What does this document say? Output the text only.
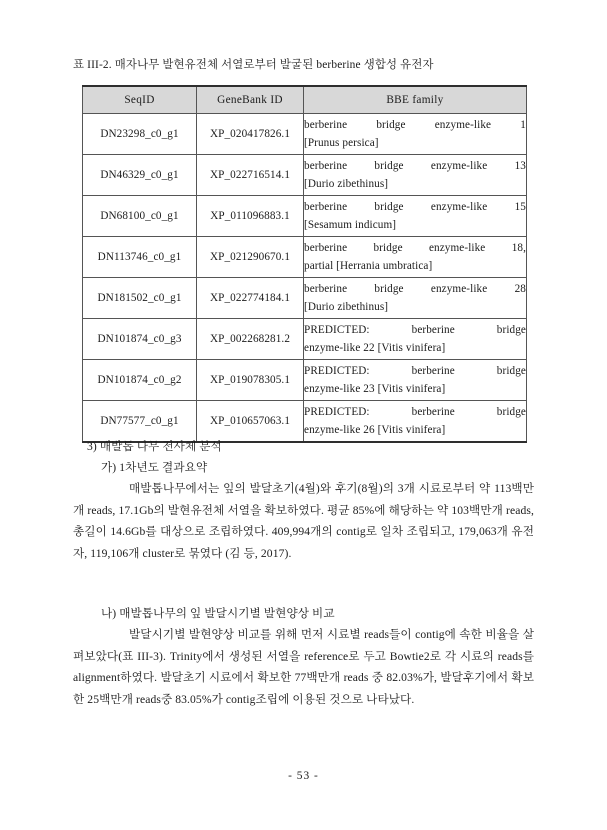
표 III-2. 매자나무 발현유전체 서열로부터 발굴된 berberine 생합성 유전자
SeqID	GeneBank ID	BBE family
DN23298_c0_g1	XP_020417826.1	berberine bridge enzyme-like 1
[Prunus persica]

DN46329_c0_g1	XP_022716514.1	berberine bridge enzyme-like 13
[Durio zibethinus]

DN68100_c0_g1	XP_011096883.1	berberine bridge enzyme-like 15
[Sesamum indicum]

DN113746_c0_g1	XP_021290670.1	berberine bridge enzyme-like 18,
partial [Herrania umbratica]

DN181502_c0_g1	XP_022774184.1	berberine bridge enzyme-like 28
[Durio zibethinus]

DN101874_c0_g3	XP_002268281.2	PREDICTED: berberine bridge
enzyme-like 22 [Vitis vinifera]

DN101874_c0_g2	XP_019078305.1	PREDICTED: berberine bridge
enzyme-like 23 [Vitis vinifera]

DN77577_c0_g1	XP_010657063.1	PREDICTED: berberine bridge
enzyme-like 26 [Vitis vinifera]
3) 매발톱 나무 전사체 분석
가) 1차년도 결과요약
매발톱나무에서는 잎의 발달초기(4월)와 후기(8월)의 3개 시료로부터 약 113백만개 reads, 17.1Gb의 발현유전체 서열을 확보하였다. 평균 85%에 해당하는 약 103백만개 reads, 총길이 14.6Gb를 대상으로 조립하였다. 409,994개의 contig로 일차 조립되고, 179,063개 유전자, 119,106개 cluster로 묶였다 (김 등, 2017).
나) 매발톱나무의 잎 발달시기별 발현양상 비교
발달시기별 발현양상 비교를 위해 먼저 시료별 reads들이 contig에 속한 비율을 살펴보았다(표 III-3). Trinity에서 생성된 서열을 reference로 두고 Bowtie2로 각 시료의 reads를 alignment하였다. 발달초기 시료에서 확보한 77백만개 reads 중 82.03%가, 발달후기에서 확보한 25백만개 reads중 83.05%가 contig조립에 이용된 것으로 나타났다.
- 53 -
